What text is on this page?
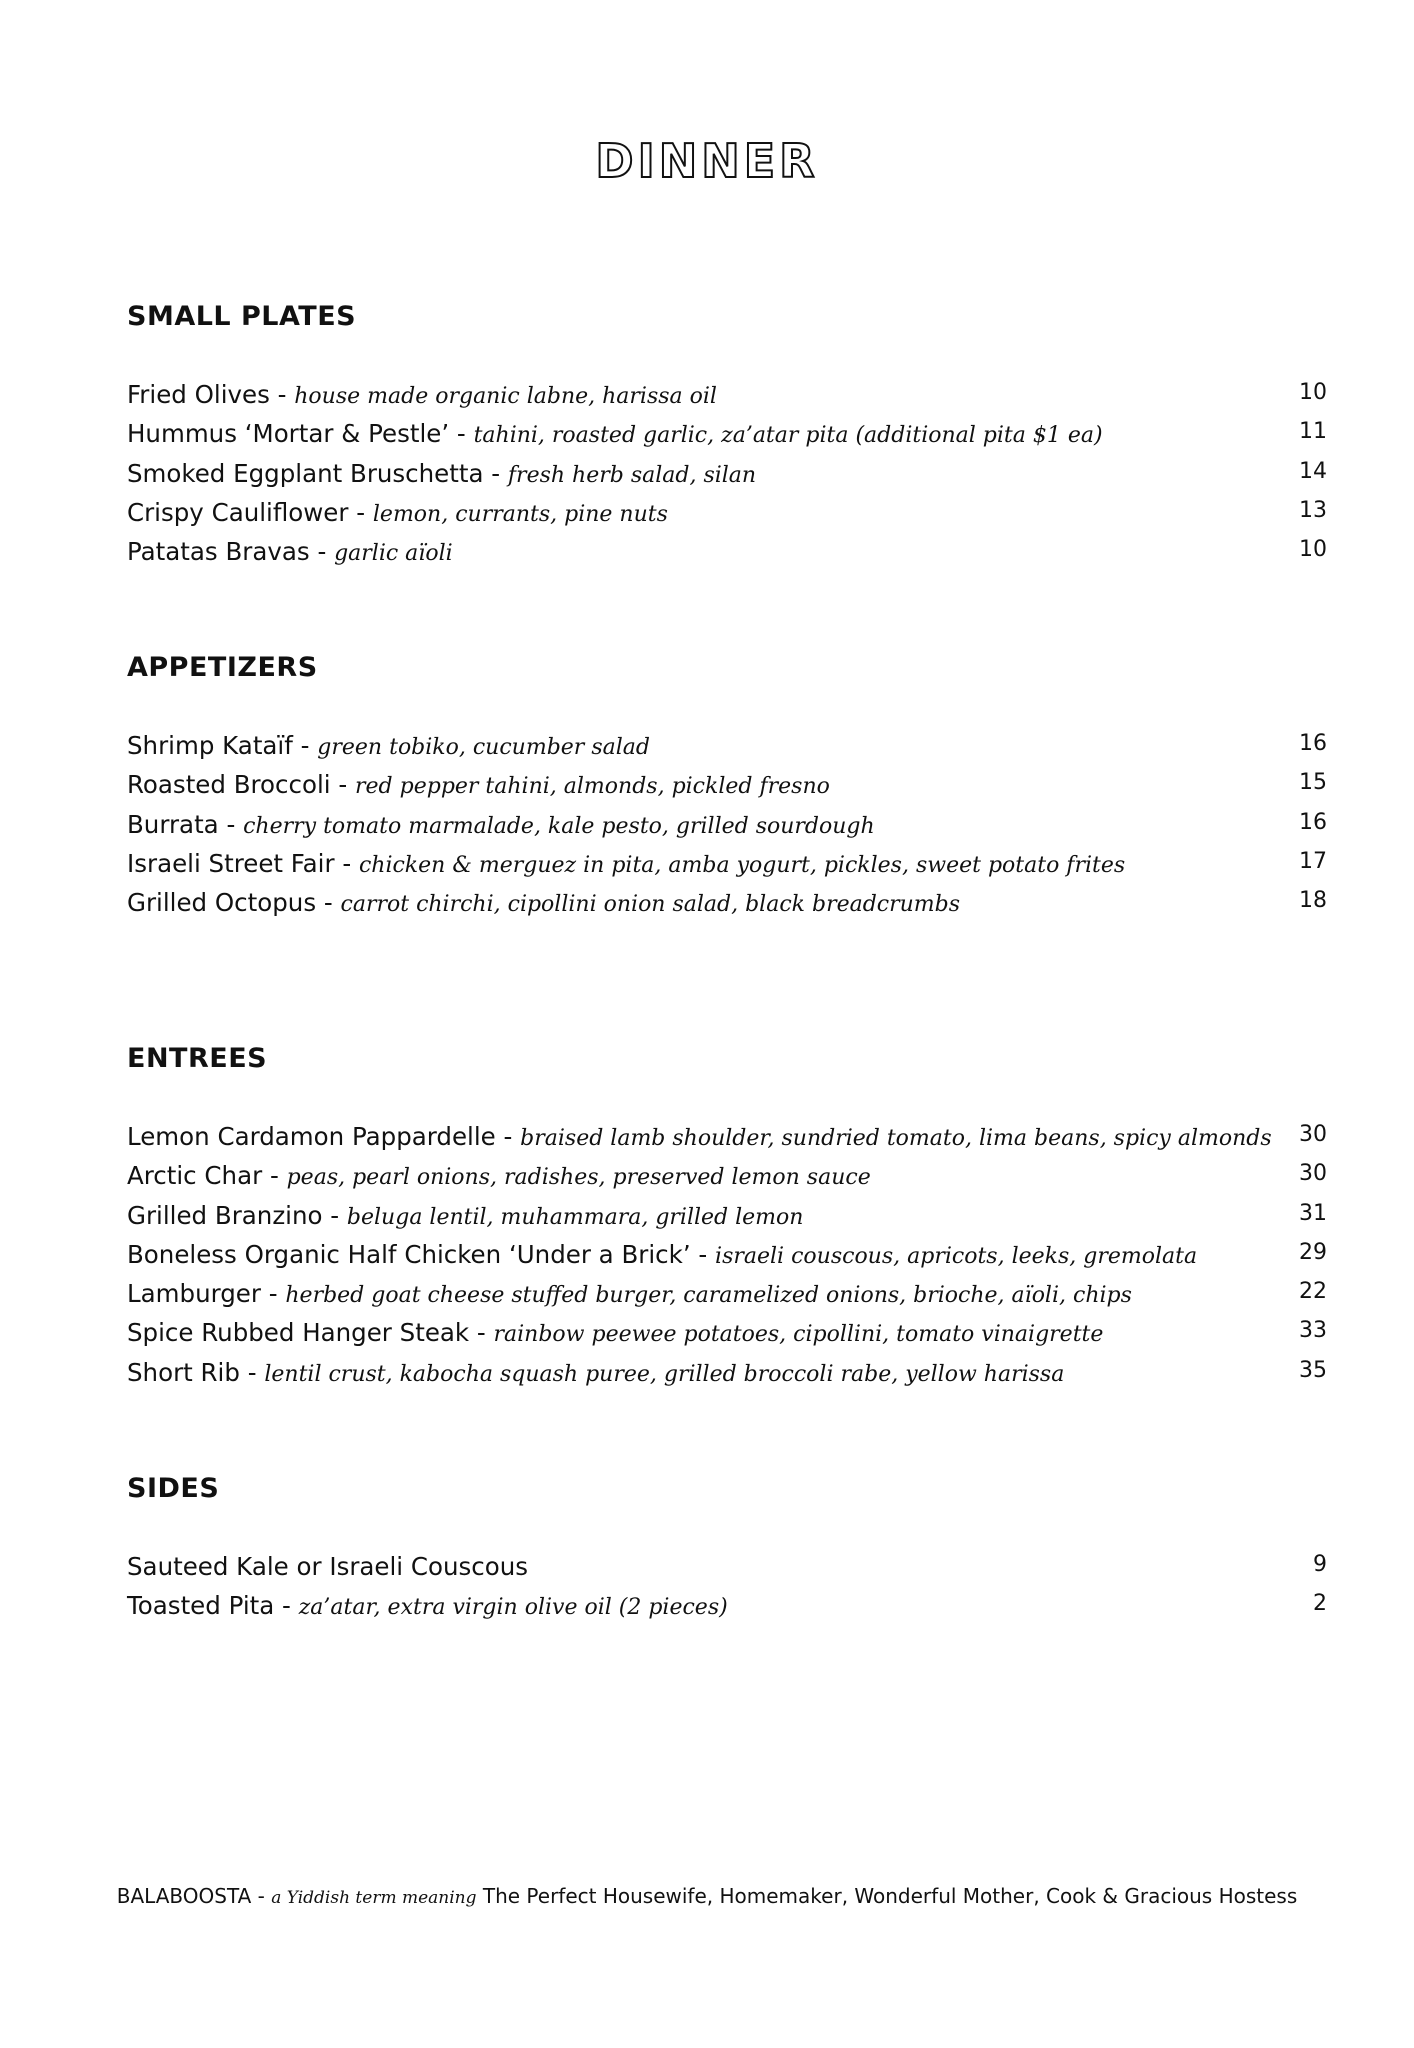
DINNER
SMALL PLATES
Fried Olives - house made organic labne, harissa oil	10
Hummus ‘Mortar & Pestle’ - tahini, roasted garlic, za’atar pita (additional pita $1 ea)	11
Smoked Eggplant Bruschetta - fresh herb salad, silan	14
Crispy Cauliflower - lemon, currants, pine nuts	13
Patatas Bravas - garlic aïoli	10
APPETIZERS
Shrimp Kataïf - green tobiko, cucumber salad	16
Roasted Broccoli - red pepper tahini, almonds, pickled fresno	15
Burrata - cherry tomato marmalade, kale pesto, grilled sourdough	16
Israeli Street Fair - chicken & merguez in pita, amba yogurt, pickles, sweet potato frites	17
Grilled Octopus - carrot chirchi, cipollini onion salad, black breadcrumbs	18
ENTREES
Lemon Cardamon Pappardelle - braised lamb shoulder, sundried tomato, lima beans, spicy almonds	30
Arctic Char - peas, pearl onions, radishes, preserved lemon sauce	30
Grilled Branzino - beluga lentil, muhammara, grilled lemon	31
Boneless Organic Half Chicken ‘Under a Brick’ - israeli couscous, apricots, leeks, gremolata	29
Lamburger - herbed goat cheese stuffed burger, caramelized onions, brioche, aïoli, chips	22
Spice Rubbed Hanger Steak - rainbow peewee potatoes, cipollini, tomato vinaigrette	33
Short Rib - lentil crust, kabocha squash puree, grilled broccoli rabe, yellow harissa	35
SIDES
Sauteed Kale or Israeli Couscous	9
Toasted Pita - za’atar, extra virgin olive oil (2 pieces)	2
BALABOOSTA - a Yiddish term meaning The Perfect Housewife, Homemaker, Wonderful Mother, Cook & Gracious Hostess
